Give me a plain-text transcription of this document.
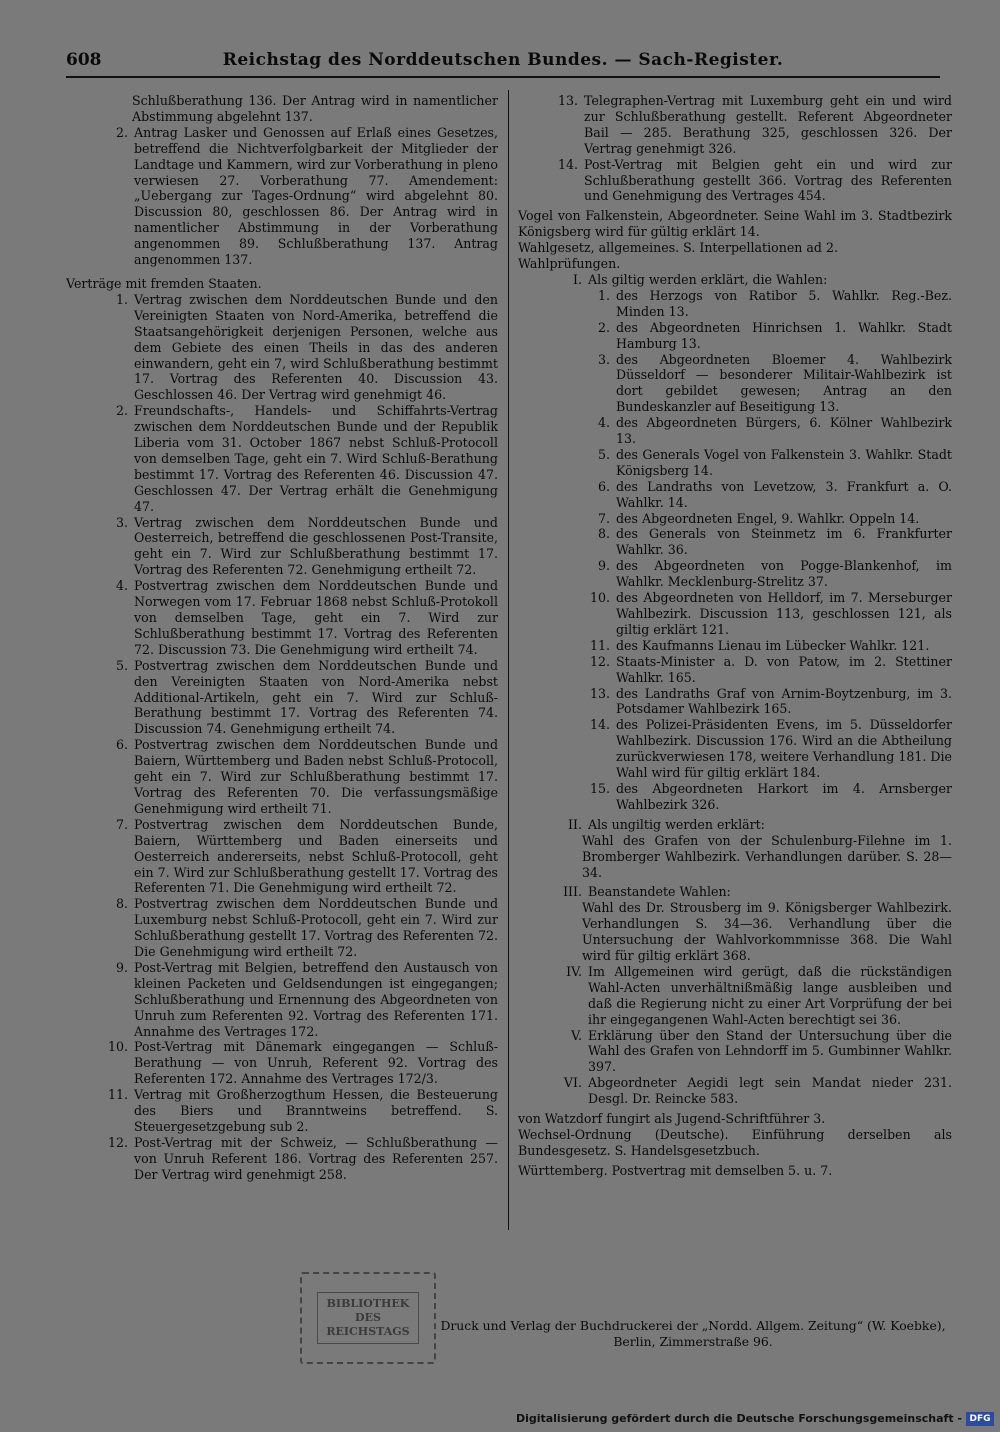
608	Reichstag des Norddeutschen Bundes. — Sach-Register.

Schlußberathung 136. Der Antrag wird in namentlicher Abstimmung abgelehnt 137.

2. Antrag Lasker und Genossen auf Erlaß eines Gesetzes, betreffend die Nichtverfolgbarkeit der Mitglieder der Landtage und Kammern, wird zur Vorberathung in pleno verwiesen 27. Vorberathung 77. Amendement: „Uebergang zur Tages-Ordnung“ wird abgelehnt 80. Discussion 80, geschlossen 86. Der Antrag wird in namentlicher Abstimmung in der Vorberathung angenommen 89. Schlußberathung 137. Antrag angenommen 137.

Verträge mit fremden Staaten.

1. Vertrag zwischen dem Norddeutschen Bunde und den Vereinigten Staaten von Nord-Amerika, betreffend die Staatsangehörigkeit derjenigen Personen, welche aus dem Gebiete des einen Theils in das des anderen einwandern, geht ein 7, wird Schlußberathung bestimmt 17. Vortrag des Referenten 40. Discussion 43. Geschlossen 46. Der Vertrag wird genehmigt 46.
2. Freundschafts-, Handels- und Schiffahrts-Vertrag zwischen dem Norddeutschen Bunde und der Republik Liberia vom 31. October 1867 nebst Schluß-Protocoll von demselben Tage, geht ein 7. Wird Schluß-Berathung bestimmt 17. Vortrag des Referenten 46. Discussion 47. Geschlossen 47. Der Vertrag erhält die Genehmigung 47.
3. Vertrag zwischen dem Norddeutschen Bunde und Oesterreich, betreffend die geschlossenen Post-Transite, geht ein 7. Wird zur Schlußberathung bestimmt 17. Vortrag des Referenten 72. Genehmigung ertheilt 72.
4. Postvertrag zwischen dem Norddeutschen Bunde und Norwegen vom 17. Februar 1868 nebst Schluß-Protokoll von demselben Tage, geht ein 7. Wird zur Schlußberathung bestimmt 17. Vortrag des Referenten 72. Discussion 73. Die Genehmigung wird ertheilt 74.
5. Postvertrag zwischen dem Norddeutschen Bunde und den Vereinigten Staaten von Nord-Amerika nebst Additional-Artikeln, geht ein 7. Wird zur Schluß-Berathung bestimmt 17. Vortrag des Referenten 74. Discussion 74. Genehmigung ertheilt 74.
6. Postvertrag zwischen dem Norddeutschen Bunde und Baiern, Württemberg und Baden nebst Schluß-Protocoll, geht ein 7. Wird zur Schlußberathung bestimmt 17. Vortrag des Referenten 70. Die verfassungsmäßige Genehmigung wird ertheilt 71.
7. Postvertrag zwischen dem Norddeutschen Bunde, Baiern, Württemberg und Baden einerseits und Oesterreich andererseits, nebst Schluß-Protocoll, geht ein 7. Wird zur Schlußberathung gestellt 17. Vortrag des Referenten 71. Die Genehmigung wird ertheilt 72.
8. Postvertrag zwischen dem Norddeutschen Bunde und Luxemburg nebst Schluß-Protocoll, geht ein 7. Wird zur Schlußberathung gestellt 17. Vortrag des Referenten 72. Die Genehmigung wird ertheilt 72.
9. Post-Vertrag mit Belgien, betreffend den Austausch von kleinen Packeten und Geldsendungen ist eingegangen; Schlußberathung und Ernennung des Abgeordneten von Unruh zum Referenten 92. Vortrag des Referenten 171. Annahme des Vertrages 172.
10. Post-Vertrag mit Dänemark eingegangen — Schluß-Berathung — von Unruh, Referent 92. Vortrag des Referenten 172. Annahme des Vertrages 172/3.
11. Vertrag mit Großherzogthum Hessen, die Besteuerung des Biers und Branntweins betreffend. S. Steuergesetzgebung sub 2.
12. Post-Vertrag mit der Schweiz, — Schlußberathung — von Unruh Referent 186. Vortrag des Referenten 257. Der Vertrag wird genehmigt 258.
13. Telegraphen-Vertrag mit Luxemburg geht ein und wird zur Schlußberathung gestellt. Referent Abgeordneter Bail — 285. Berathung 325, geschlossen 326. Der Vertrag genehmigt 326.
14. Post-Vertrag mit Belgien geht ein und wird zur Schlußberathung gestellt 366. Vortrag des Referenten und Genehmigung des Vertrages 454.

Vogel von Falkenstein, Abgeordneter. Seine Wahl im 3. Stadtbezirk Königsberg wird für gültig erklärt 14.

Wahlgesetz, allgemeines. S. Interpellationen ad 2.

Wahlprüfungen.

I. Als giltig werden erklärt, die Wahlen:
1. des Herzogs von Ratibor 5. Wahlkr. Reg.-Bez. Minden 13.
2. des Abgeordneten Hinrichsen 1. Wahlkr. Stadt Hamburg 13.
3. des Abgeordneten Bloemer 4. Wahlbezirk Düsseldorf — besonderer Militair-Wahlbezirk ist dort gebildet gewesen; Antrag an den Bundeskanzler auf Beseitigung 13.
4. des Abgeordneten Bürgers, 6. Kölner Wahlbezirk 13.
5. des Generals Vogel von Falkenstein 3. Wahlkr. Stadt Königsberg 14.
6. des Landraths von Levetzow, 3. Frankfurt a. O. Wahlkr. 14.
7. des Abgeordneten Engel, 9. Wahlkr. Oppeln 14.
8. des Generals von Steinmetz im 6. Frankfurter Wahlkr. 36.
9. des Abgeordneten von Pogge-Blankenhof, im Wahlkr. Mecklenburg-Strelitz 37.
10. des Abgeordneten von Helldorf, im 7. Merseburger Wahlbezirk. Discussion 113, geschlossen 121, als giltig erklärt 121.
11. des Kaufmanns Lienau im Lübecker Wahlkr. 121.
12. Staats-Minister a. D. von Patow, im 2. Stettiner Wahlkr. 165.
13. des Landraths Graf von Arnim-Boytzenburg, im 3. Potsdamer Wahlbezirk 165.
14. des Polizei-Präsidenten Evens, im 5. Düsseldorfer Wahlbezirk. Discussion 176. Wird an die Abtheilung zurückverwiesen 178, weitere Verhandlung 181. Die Wahl wird für giltig erklärt 184.
15. des Abgeordneten Harkort im 4. Arnsberger Wahlbezirk 326.
II. Als ungiltig werden erklärt:

Wahl des Grafen von der Schulenburg-Filehne im 1. Bromberger Wahlbezirk. Verhandlungen darüber. S. 28—34.

III. Beanstandete Wahlen:

Wahl des Dr. Strousberg im 9. Königsberger Wahlbezirk. Verhandlungen S. 34—36. Verhandlung über die Untersuchung der Wahlvorkommnisse 368. Die Wahl wird für giltig erklärt 368.

IV. Im Allgemeinen wird gerügt, daß die rückständigen Wahl-Acten unverhältnißmäßig lange ausbleiben und daß die Regierung nicht zu einer Art Vorprüfung der bei ihr eingegangenen Wahl-Acten berechtigt sei 36.
V. Erklärung über den Stand der Untersuchung über die Wahl des Grafen von Lehndorff im 5. Gumbinner Wahlkr. 397.
VI. Abgeordneter Aegidi legt sein Mandat nieder 231. Desgl. Dr. Reincke 583.

von Watzdorf fungirt als Jugend-Schriftführer 3.

Wechsel-Ordnung (Deutsche). Einführung derselben als Bundesgesetz. S. Handelsgesetzbuch.

Württemberg. Postvertrag mit demselben 5. u. 7.

BIBLIOTHEK
DES
REICHSTAGS	Druck und Verlag der Buchdruckerei der „Nordd. Allgem. Zeitung“ (W. Koebke),
Berlin, Zimmerstraße 96.
Digitalisierung gefördert durch die Deutsche Forschungsgemeinschaft - DFG
